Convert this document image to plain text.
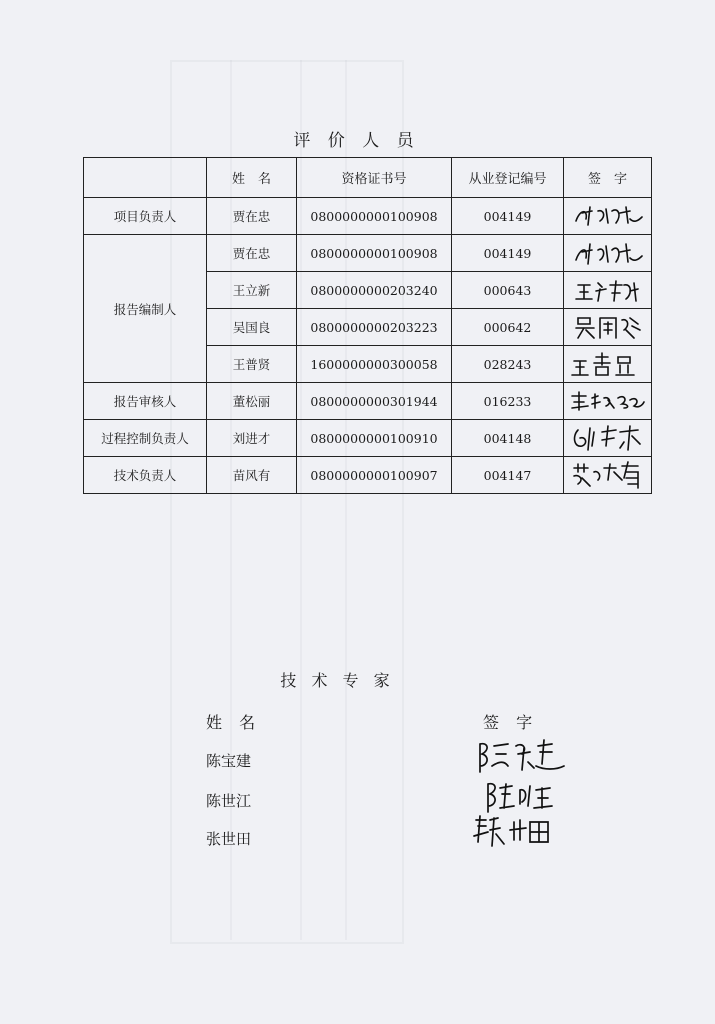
评 价 人 员
	姓　名	资格证书号	从业登记编号	签　字
项目负责人	贾在忠	0800000000100908	004149	

报告编制人	贾在忠	0800000000100908	004149	

	王立新	0800000000203240	000643	

	吴国良	0800000000203223	000642	

	王普贤	1600000000300058	028243	

报告审核人	董松丽	0800000000301944	016233	

过程控制负责人	刘进才	0800000000100910	004148	

技术负责人	苗风有	0800000000100907	004147	
技 术 专 家
姓 名	签 字
陈宝建
陈世江
张世田
